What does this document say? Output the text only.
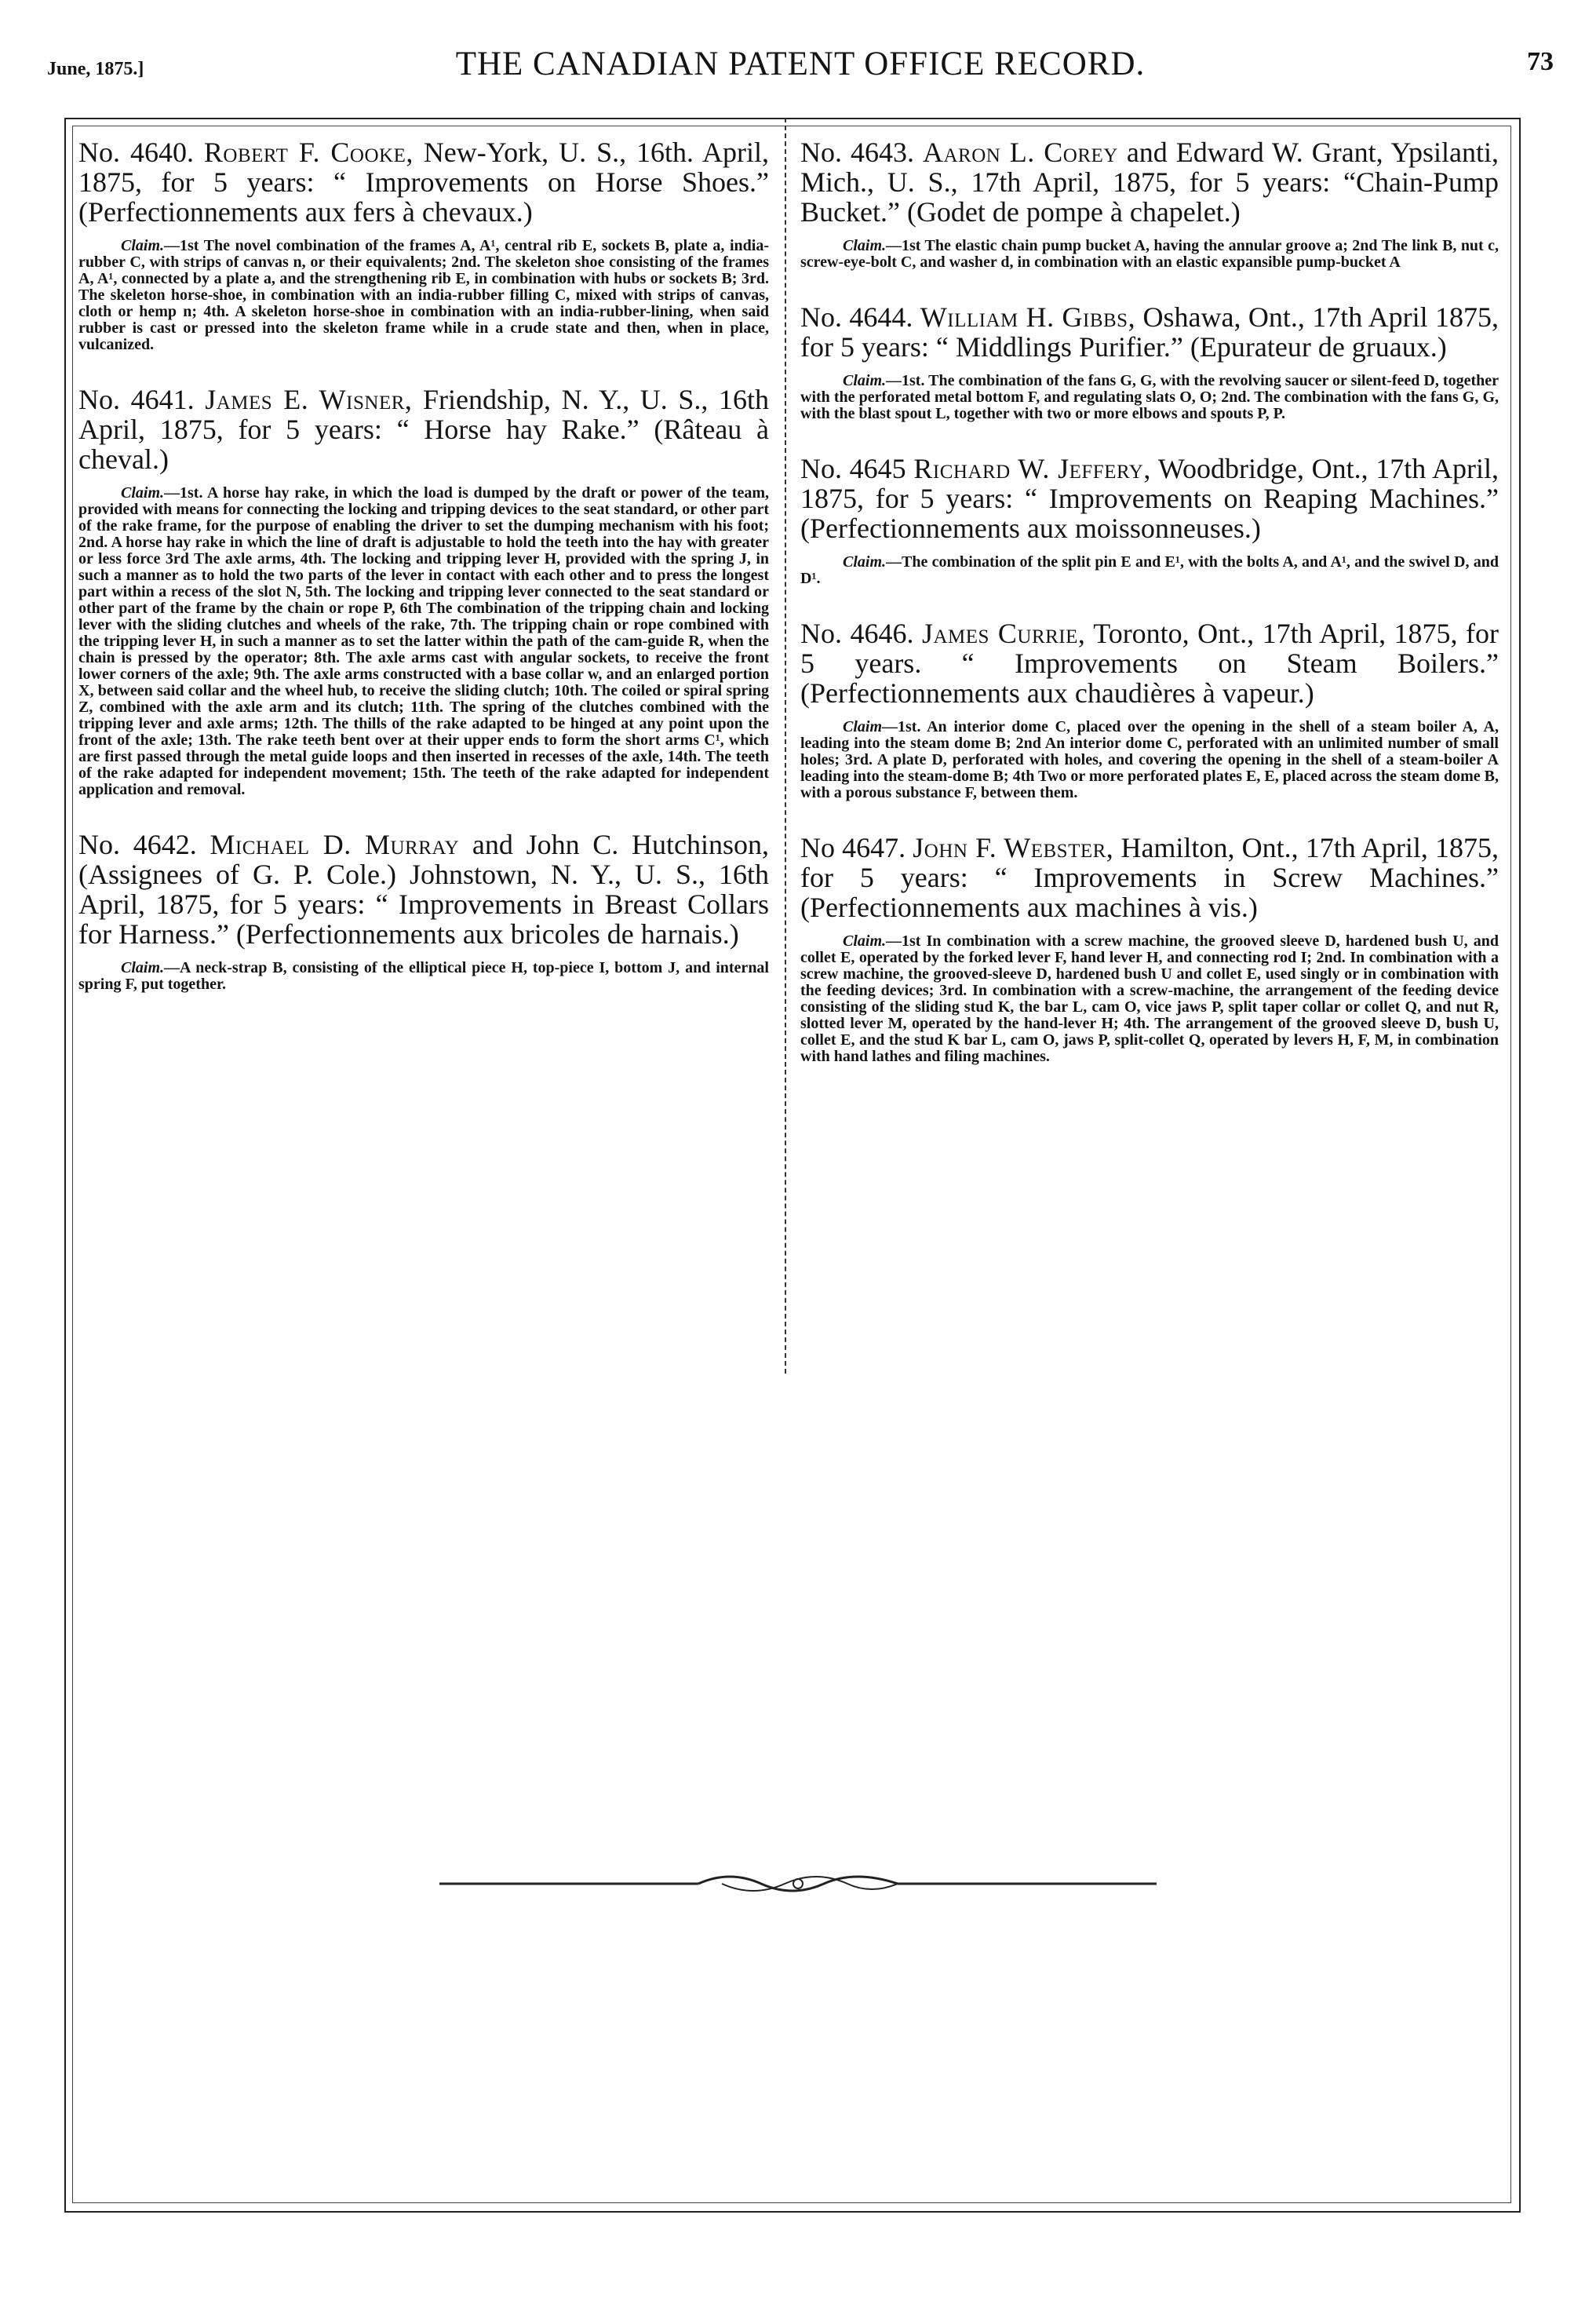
June, 1875.]	THE CANADIAN PATENT OFFICE RECORD.	73

No. 4640. Robert F. Cooke, New-York, U. S., 16th. April, 1875, for 5 years: “ Improvements on Horse Shoes.” (Perfectionnements aux fers à chevaux.)

Claim.—1st The novel combination of the frames A, A¹, central rib E, sockets B, plate a, india-rubber C, with strips of canvas n, or their equivalents; 2nd. The skeleton shoe consisting of the frames A, A¹, connected by a plate a, and the strengthening rib E, in combination with hubs or sockets B; 3rd. The skeleton horse-shoe, in combination with an india-rubber filling C, mixed with strips of canvas, cloth or hemp n; 4th. A skeleton horse-shoe in combination with an india-rubber-lining, when said rubber is cast or pressed into the skeleton frame while in a crude state and then, when in place, vulcanized.

No. 4641. James E. Wisner, Friendship, N. Y., U. S., 16th April, 1875, for 5 years: “ Horse hay Rake.” (Râteau à cheval.)

Claim.—1st. A horse hay rake, in which the load is dumped by the draft or power of the team, provided with means for connecting the locking and tripping devices to the seat standard, or other part of the rake frame, for the purpose of enabling the driver to set the dumping mechanism with his foot; 2nd. A horse hay rake in which the line of draft is adjustable to hold the teeth into the hay with greater or less force 3rd The axle arms, 4th. The locking and tripping lever H, provided with the spring J, in such a manner as to hold the two parts of the lever in contact with each other and to press the longest part within a recess of the slot N, 5th. The locking and tripping lever connected to the seat standard or other part of the frame by the chain or rope P, 6th The combination of the tripping chain and locking lever with the sliding clutches and wheels of the rake, 7th. The tripping chain or rope combined with the tripping lever H, in such a manner as to set the latter within the path of the cam-guide R, when the chain is pressed by the operator; 8th. The axle arms cast with angular sockets, to receive the front lower corners of the axle; 9th. The axle arms constructed with a base collar w, and an enlarged portion X, between said collar and the wheel hub, to receive the sliding clutch; 10th. The coiled or spiral spring Z, combined with the axle arm and its clutch; 11th. The spring of the clutches combined with the tripping lever and axle arms; 12th. The thills of the rake adapted to be hinged at any point upon the front of the axle; 13th. The rake teeth bent over at their upper ends to form the short arms C¹, which are first passed through the metal guide loops and then inserted in recesses of the axle, 14th. The teeth of the rake adapted for independent movement; 15th. The teeth of the rake adapted for independent application and removal.

No. 4642. Michael D. Murray and John C. Hutchinson, (Assignees of G. P. Cole.) Johnstown, N. Y., U. S., 16th April, 1875, for 5 years: “ Improvements in Breast Collars for Harness.” (Perfectionnements aux bricoles de harnais.)

Claim.—A neck-strap B, consisting of the elliptical piece H, top-piece I, bottom J, and internal spring F, put together.

No. 4643. Aaron L. Corey and Edward W. Grant, Ypsilanti, Mich., U. S., 17th April, 1875, for 5 years: “Chain-Pump Bucket.” (Godet de pompe à chapelet.)

Claim.—1st The elastic chain pump bucket A, having the annular groove a; 2nd The link B, nut c, screw-eye-bolt C, and washer d, in combination with an elastic expansible pump-bucket A

No. 4644. William H. Gibbs, Oshawa, Ont., 17th April 1875, for 5 years: “ Middlings Purifier.” (Epurateur de gruaux.)

Claim.—1st. The combination of the fans G, G, with the revolving saucer or silent-feed D, together with the perforated metal bottom F, and regulating slats O, O; 2nd. The combination with the fans G, G, with the blast spout L, together with two or more elbows and spouts P, P.

No. 4645 Richard W. Jeffery, Woodbridge, Ont., 17th April, 1875, for 5 years: “ Improvements on Reaping Machines.” (Perfectionnements aux moissonneuses.)

Claim.—The combination of the split pin E and E¹, with the bolts A, and A¹, and the swivel D, and D¹.

No. 4646. James Currie, Toronto, Ont., 17th April, 1875, for 5 years. “ Improvements on Steam Boilers.” (Perfectionnements aux chaudières à vapeur.)

Claim—1st. An interior dome C, placed over the opening in the shell of a steam boiler A, A, leading into the steam dome B; 2nd An interior dome C, perforated with an unlimited number of small holes; 3rd. A plate D, perforated with holes, and covering the opening in the shell of a steam-boiler A leading into the steam-dome B; 4th Two or more perforated plates E, E, placed across the steam dome B, with a porous substance F, between them.

No 4647. John F. Webster, Hamilton, Ont., 17th April, 1875, for 5 years: “ Improvements in Screw Machines.” (Perfectionnements aux machines à vis.)

Claim.—1st In combination with a screw machine, the grooved sleeve D, hardened bush U, and collet E, operated by the forked lever F, hand lever H, and connecting rod I; 2nd. In combination with a screw machine, the grooved-sleeve D, hardened bush U and collet E, used singly or in combination with the feeding devices; 3rd. In combination with a screw-machine, the arrangement of the feeding device consisting of the sliding stud K, the bar L, cam O, vice jaws P, split taper collar or collet Q, and nut R, slotted lever M, operated by the hand-lever H; 4th. The arrangement of the grooved sleeve D, bush U, collet E, and the stud K bar L, cam O, jaws P, split-collet Q, operated by levers H, F, M, in combination with hand lathes and filing machines.
